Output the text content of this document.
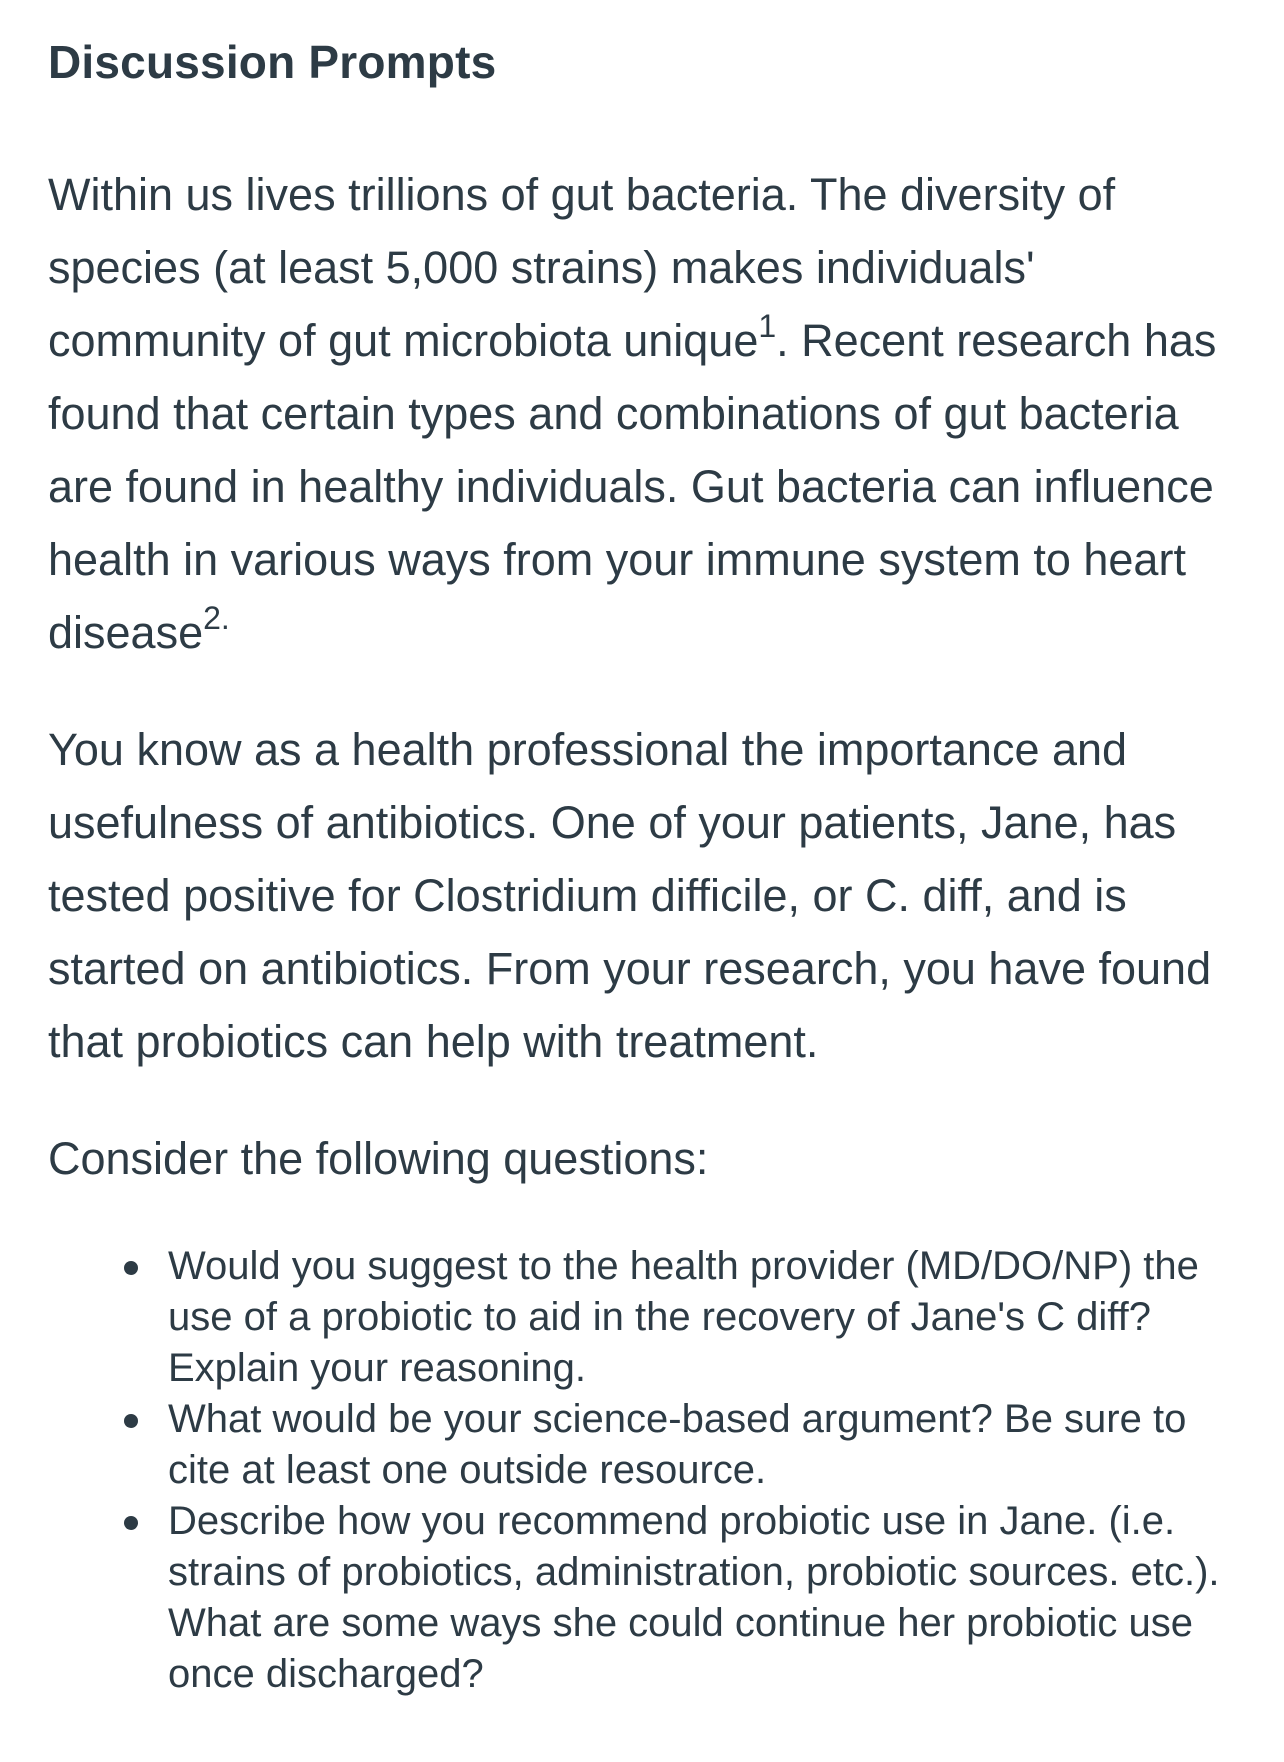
Discussion Prompts

Within us lives trillions of gut bacteria. The diversity of species (at least 5,000 strains) makes individuals' community of gut microbiota unique$^1$. Recent research has found that certain types and combinations of gut bacteria are found in healthy individuals. Gut bacteria can influence health in various ways from your immune system to heart disease$^{2.}$

You know as a health professional the importance and usefulness of antibiotics. One of your patients, Jane, has tested positive for Clostridium difficile, or C. diff, and is started on antibiotics. From your research, you have found that probiotics can help with treatment.

Consider the following questions:

Would you suggest to the health provider (MD/DO/NP) the use of a probiotic to aid in the recovery of Jane's C diff? Explain your reasoning.
What would be your science-based argument? Be sure to cite at least one outside resource.
Describe how you recommend probiotic use in Jane. (i.e. strains of probiotics, administration, probiotic sources. etc.). What are some ways she could continue her probiotic use once discharged?
